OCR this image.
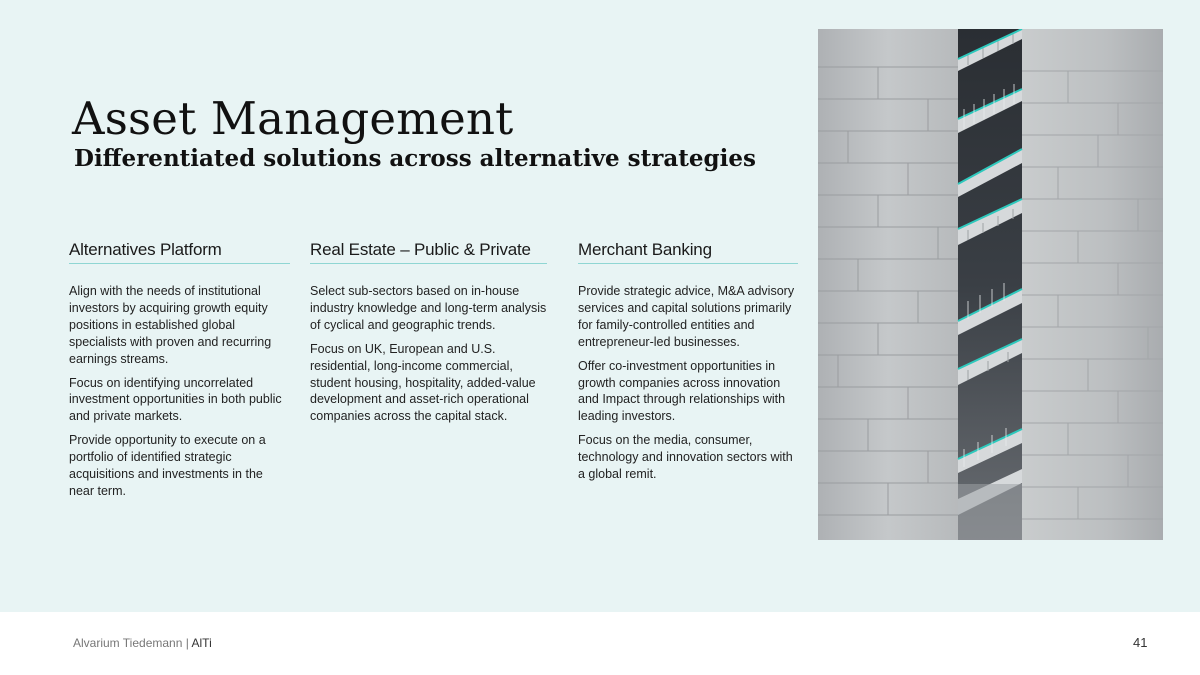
Asset Management
Differentiated solutions across alternative strategies
Alternatives Platform

Align with the needs of institutional investors by acquiring growth equity positions in established global specialists with proven and recurring earnings streams.

Focus on identifying uncorrelated investment opportunities in both public and private markets.

Provide opportunity to execute on a portfolio of identified strategic acquisitions and investments in the near term.

Real Estate – Public & Private

Select sub-sectors based on in-house industry knowledge and long-term analysis of cyclical and geographic trends.

Focus on UK, European and U.S. residential, long-income commercial, student housing, hospitality, added-value development and asset-rich operational companies across the capital stack.

Merchant Banking

Provide strategic advice, M&A advisory services and capital solutions primarily for family-controlled entities and entrepreneur-led businesses.

Offer co-investment opportunities in growth companies across innovation and Impact through relationships with leading investors.

Focus on the media, consumer, technology and innovation sectors with a global remit.

Alvarium Tiedemann | AlTi	41
